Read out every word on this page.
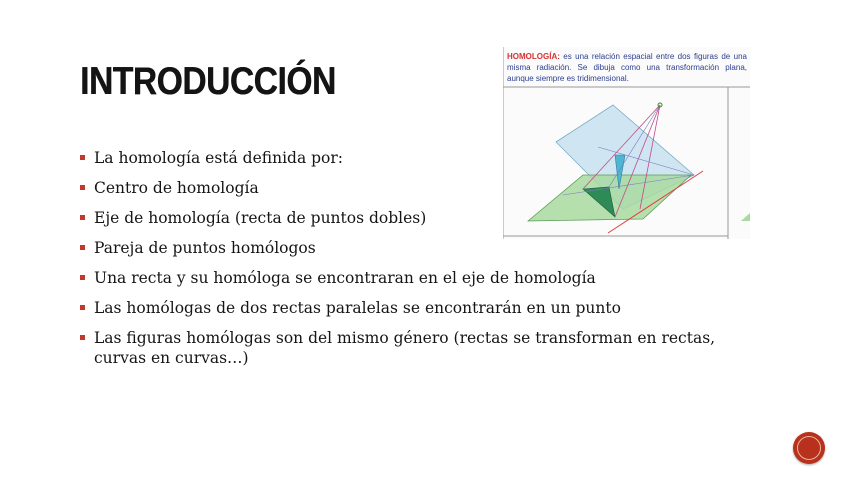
INTRODUCCIÓN
La homología está definida por:
Centro de homología
Eje de homología (recta de puntos dobles)
Pareja de puntos homólogos
Una recta y su homóloga se encontraran en el eje de homología
Las homólogas de dos rectas paralelas se encontrarán en un punto
Las figuras homólogas son del mismo género (rectas se transforman en rectas, curvas en curvas…)
HOMOLOGÍA: es una relación espacial entre dos figuras de una misma radiación. Se dibuja como una transformación plana, aunque siempre es tridimensional.
